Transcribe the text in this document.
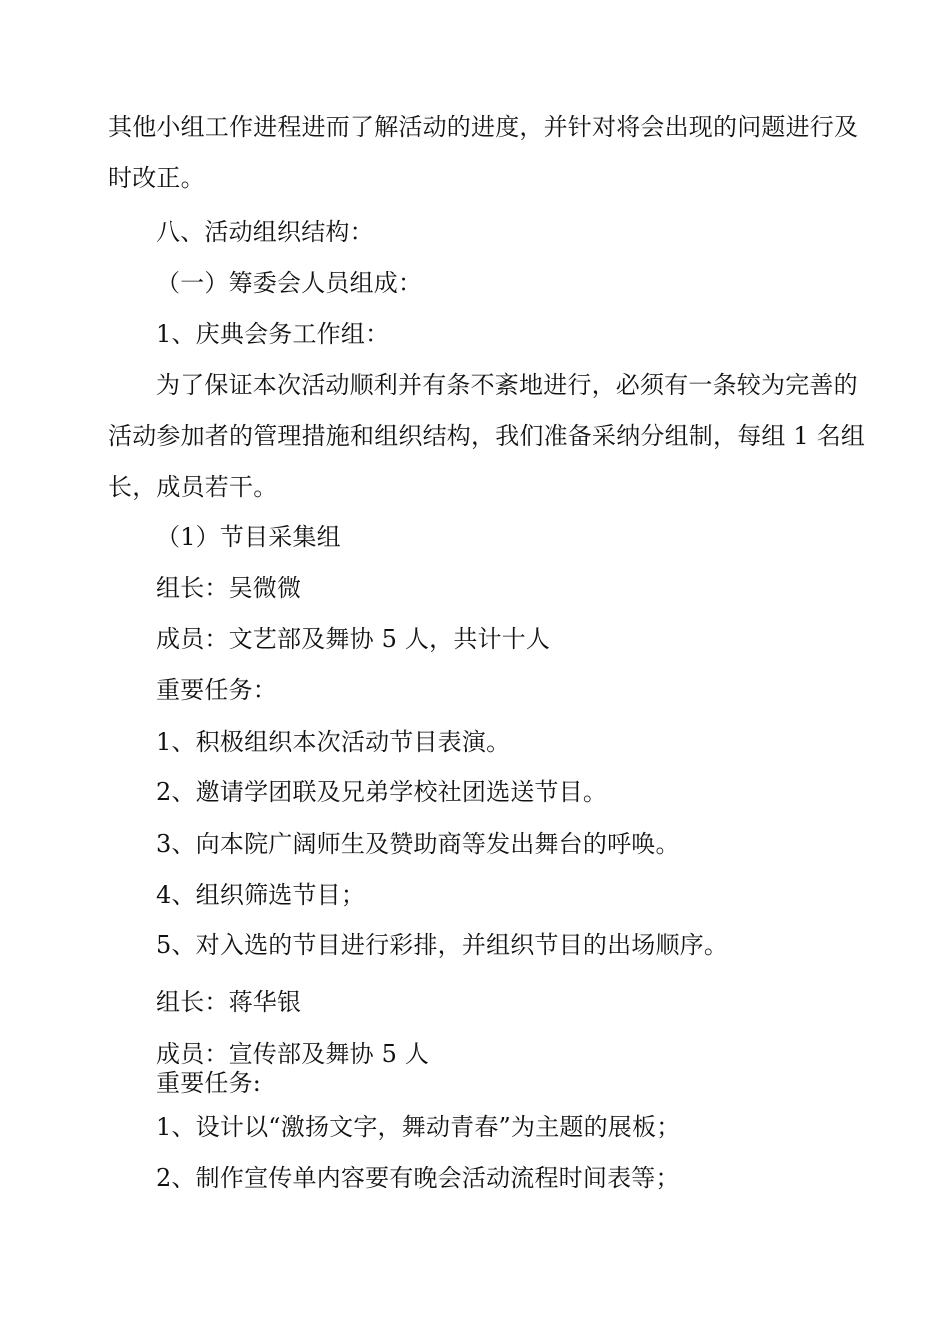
其他小组工作进程进而了解活动的进度，并针对将会出现的问题进行及
时改正。
八、活动组织结构：
（一）筹委会人员组成：
1、庆典会务工作组：
为了保证本次活动顺利并有条不紊地进行，必须有一条较为完善的
活动参加者的管理措施和组织结构，我们准备采纳分组制，每组 1 名组
长，成员若干。
（1）节目采集组
组长：吴微微
成员：文艺部及舞协 5 人，共计十人
重要任务：
1、积极组织本次活动节目表演。
2、邀请学团联及兄弟学校社团选送节目。
3、向本院广阔师生及赞助商等发出舞台的呼唤。
4、组织筛选节目；
5、对入选的节目进行彩排，并组织节目的出场顺序。
组长：蒋华银
成员：宣传部及舞协 5 人
重要任务:
1、设计以“激扬文字，舞动青春”为主题的展板；
2、制作宣传单内容要有晚会活动流程时间表等；
